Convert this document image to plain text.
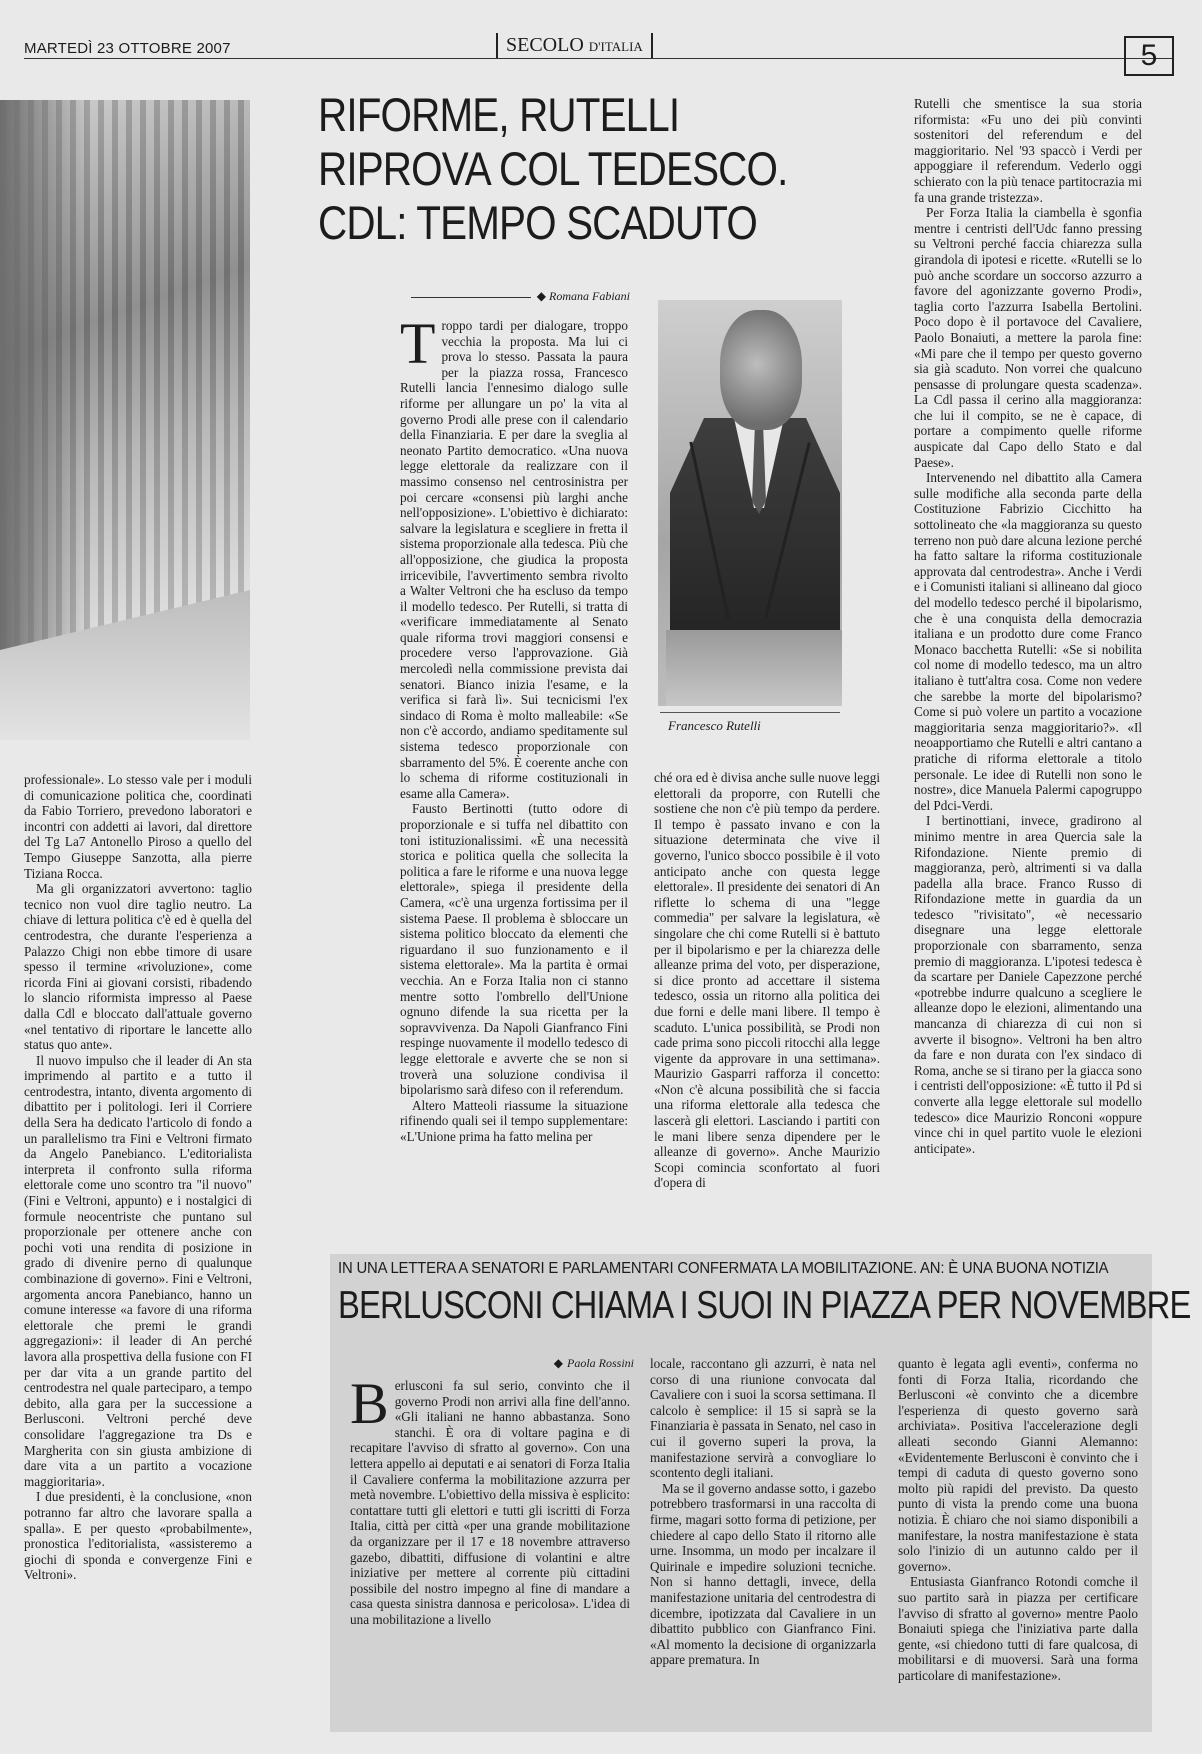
MARTEDÌ 23 OTTOBRE 2007	SECOLO D'ITALIA	5

professionale». Lo stesso vale per i moduli di comunicazione politica che, coordinati da Fabio Torriero, prevedono laboratori e incontri con addetti ai lavori, dal direttore del Tg La7 Antonello Piroso a quello del Tempo Giuseppe Sanzotta, alla pierre Tiziana Rocca.

Ma gli organizzatori avvertono: taglio tecnico non vuol dire taglio neutro. La chiave di lettura politica c'è ed è quella del centrodestra, che durante l'esperienza a Palazzo Chigi non ebbe timore di usare spesso il termine «rivoluzione», come ricorda Fini ai giovani corsisti, ribadendo lo slancio riformista impresso al Paese dalla Cdl e bloccato dall'attuale governo «nel tentativo di riportare le lancette allo status quo ante».

Il nuovo impulso che il leader di An sta imprimendo al partito e a tutto il centrodestra, intanto, diventa argomento di dibattito per i politologi. Ieri il Corriere della Sera ha dedicato l'articolo di fondo a un parallelismo tra Fini e Veltroni firmato da Angelo Panebianco. L'editorialista interpreta il confronto sulla riforma elettorale come uno scontro tra "il nuovo" (Fini e Veltroni, appunto) e i nostalgici di formule neocentriste che puntano sul proporzionale per ottenere anche con pochi voti una rendita di posizione in grado di divenire perno di qualunque combinazione di governo». Fini e Veltroni, argomenta ancora Panebianco, hanno un comune interesse «a favore di una riforma elettorale che premi le grandi aggregazioni»: il leader di An perché lavora alla prospettiva della fusione con FI per dar vita a un grande partito del centrodestra nel quale parteciparo, a tempo debito, alla gara per la successione a Berlusconi. Veltroni perché deve consolidare l'aggregazione tra Ds e Margherita con sin giusta ambizione di dare vita a un partito a vocazione maggioritaria».

I due presidenti, è la conclusione, «non potranno far altro che lavorare spalla a spalla». E per questo «probabilmente», pronostica l'editorialista, «assisteremo a giochi di sponda e convergenze Fini e Veltroni».

RIFORME, RUTELLI
RIPROVA COL TEDESCO.
CDL: TEMPO SCADUTO
◆ Romana Fabiani

Troppo tardi per dialogare, troppo vecchia la proposta. Ma lui ci prova lo stesso. Passata la paura per la piazza rossa, Francesco Rutelli lancia l'ennesimo dialogo sulle riforme per allungare un po' la vita al governo Prodi alle prese con il calendario della Finanziaria. E per dare la sveglia al neonato Partito democratico. «Una nuova legge elettorale da realizzare con il massimo consenso nel centrosinistra per poi cercare «consensi più larghi anche nell'opposizione». L'obiettivo è dichiarato: salvare la legislatura e scegliere in fretta il sistema proporzionale alla tedesca. Più che all'opposizione, che giudica la proposta irricevibile, l'avvertimento sembra rivolto a Walter Veltroni che ha escluso da tempo il modello tedesco. Per Rutelli, si tratta di «verificare immediatamente al Senato quale riforma trovi maggiori consensi e procedere verso l'approvazione. Già mercoledì nella commissione prevista dai senatori. Bianco inizia l'esame, e la verifica si farà lì». Sui tecnicismi l'ex sindaco di Roma è molto malleabile: «Se non c'è accordo, andiamo speditamente sul sistema tedesco proporzionale con sbarramento del 5%. È coerente anche con lo schema di riforme costituzionali in esame alla Camera».

Fausto Bertinotti (tutto odore di proporzionale e si tuffa nel dibattito con toni istituzionalissimi. «È una necessità storica e politica quella che sollecita la politica a fare le riforme e una nuova legge elettorale», spiega il presidente della Camera, «c'è una urgenza fortissima per il sistema Paese. Il problema è sbloccare un sistema politico bloccato da elementi che riguardano il suo funzionamento e il sistema elettorale». Ma la partita è ormai vecchia. An e Forza Italia non ci stanno mentre sotto l'ombrello dell'Unione ognuno difende la sua ricetta per la sopravvivenza. Da Napoli Gianfranco Fini respinge nuovamente il modello tedesco di legge elettorale e avverte che se non si troverà una soluzione condivisa il bipolarismo sarà difeso con il referendum.

Altero Matteoli riassume la situazione rifinendo quali sei il tempo supplementare: «L'Unione prima ha fatto melina per

Francesco Rutelli

ché ora ed è divisa anche sulle nuove leggi elettorali da proporre, con Rutelli che sostiene che non c'è più tempo da perdere. Il tempo è passato invano e con la situazione determinata che vive il governo, l'unico sbocco possibile è il voto anticipato anche con questa legge elettorale». Il presidente dei senatori di An riflette lo schema di una "legge commedia" per salvare la legislatura, «è singolare che chi come Rutelli si è battuto per il bipolarismo e per la chiarezza delle alleanze prima del voto, per disperazione, si dice pronto ad accettare il sistema tedesco, ossia un ritorno alla politica dei due forni e delle mani libere. Il tempo è scaduto. L'unica possibilità, se Prodi non cade prima sono piccoli ritocchi alla legge vigente da approvare in una settimana». Maurizio Gasparri rafforza il concetto: «Non c'è alcuna possibilità che si faccia una riforma elettorale alla tedesca che lascerà gli elettori. Lasciando i partiti con le mani libere senza dipendere per le alleanze di governo». Anche Maurizio Scopi comincia sconfortato al fuori d'opera di

Rutelli che smentisce la sua storia riformista: «Fu uno dei più convinti sostenitori del referendum e del maggioritario. Nel '93 spaccò i Verdi per appoggiare il referendum. Vederlo oggi schierato con la più tenace partitocrazia mi fa una grande tristezza».

Per Forza Italia la ciambella è sgonfia mentre i centristi dell'Udc fanno pressing su Veltroni perché faccia chiarezza sulla girandola di ipotesi e ricette. «Rutelli se lo può anche scordare un soccorso azzurro a favore del agonizzante governo Prodi», taglia corto l'azzurra Isabella Bertolini. Poco dopo è il portavoce del Cavaliere, Paolo Bonaiuti, a mettere la parola fine: «Mi pare che il tempo per questo governo sia già scaduto. Non vorrei che qualcuno pensasse di prolungare questa scadenza». La Cdl passa il cerino alla maggioranza: che lui il compito, se ne è capace, di portare a compimento quelle riforme auspicate dal Capo dello Stato e dal Paese».

Intervenendo nel dibattito alla Camera sulle modifiche alla seconda parte della Costituzione Fabrizio Cicchitto ha sottolineato che «la maggioranza su questo terreno non può dare alcuna lezione perché ha fatto saltare la riforma costituzionale approvata dal centrodestra». Anche i Verdi e i Comunisti italiani si allineano dal gioco del modello tedesco perché il bipolarismo, che è una conquista della democrazia italiana e un prodotto dure come Franco Monaco bacchetta Rutelli: «Se si nobilita col nome di modello tedesco, ma un altro italiano è tutt'altra cosa. Come non vedere che sarebbe la morte del bipolarismo? Come si può volere un partito a vocazione maggioritaria senza maggioritario?». «Il neoapportiamo che Rutelli e altri cantano a pratiche di riforma elettorale a titolo personale. Le idee di Rutelli non sono le nostre», dice Manuela Palermi capogruppo del Pdci-Verdi.

I bertinottiani, invece, gradirono al minimo mentre in area Quercia sale la Rifondazione. Niente premio di maggioranza, però, altrimenti si va dalla padella alla brace. Franco Russo di Rifondazione mette in guardia da un tedesco "rivisitato", «è necessario disegnare una legge elettorale proporzionale con sbarramento, senza premio di maggioranza. L'ipotesi tedesca è da scartare per Daniele Capezzone perché «potrebbe indurre qualcuno a scegliere le alleanze dopo le elezioni, alimentando una mancanza di chiarezza di cui non si avverte il bisogno». Veltroni ha ben altro da fare e non durata con l'ex sindaco di Roma, anche se si tirano per la giacca sono i centristi dell'opposizione: «È tutto il Pd si converte alla legge elettorale sul modello tedesco» dice Maurizio Ronconi «oppure vince chi in quel partito vuole le elezioni anticipate».

IN UNA LETTERA A SENATORI E PARLAMENTARI CONFERMATA LA MOBILITAZIONE. AN: È UNA BUONA NOTIZIA
BERLUSCONI CHIAMA I SUOI IN PIAZZA PER NOVEMBRE
◆ Paola Rossini

Berlusconi fa sul serio, convinto che il governo Prodi non arrivi alla fine dell'anno. «Gli italiani ne hanno abbastanza. Sono stanchi. È ora di voltare pagina e di recapitare l'avviso di sfratto al governo». Con una lettera appello ai deputati e ai senatori di Forza Italia il Cavaliere conferma la mobilitazione azzurra per metà novembre. L'obiettivo della missiva è esplicito: contattare tutti gli elettori e tutti gli iscritti di Forza Italia, città per città «per una grande mobilitazione da organizzare per il 17 e 18 novembre attraverso gazebo, dibattiti, diffusione di volantini e altre iniziative per mettere al corrente più cittadini possibile del nostro impegno al fine di mandare a casa questa sinistra dannosa e pericolosa». L'idea di una mobilitazione a livello

locale, raccontano gli azzurri, è nata nel corso di una riunione convocata dal Cavaliere con i suoi la scorsa settimana. Il calcolo è semplice: il 15 si saprà se la Finanziaria è passata in Senato, nel caso in cui il governo superi la prova, la manifestazione servirà a convogliare lo scontento degli italiani.

Ma se il governo andasse sotto, i gazebo potrebbero trasformarsi in una raccolta di firme, magari sotto forma di petizione, per chiedere al capo dello Stato il ritorno alle urne. Insomma, un modo per incalzare il Quirinale e impedire soluzioni tecniche. Non si hanno dettagli, invece, della manifestazione unitaria del centrodestra di dicembre, ipotizzata dal Cavaliere in un dibattito pubblico con Gianfranco Fini. «Al momento la decisione di organizzarla appare prematura. In

quanto è legata agli eventi», conferma no fonti di Forza Italia, ricordando che Berlusconi «è convinto che a dicembre l'esperienza di questo governo sarà archiviata». Positiva l'accelerazione degli alleati secondo Gianni Alemanno: «Evidentemente Berlusconi è convinto che i tempi di caduta di questo governo sono molto più rapidi del previsto. Da questo punto di vista la prendo come una buona notizia. È chiaro che noi siamo disponibili a manifestare, la nostra manifestazione è stata solo l'inizio di un autunno caldo per il governo».

Entusiasta Gianfranco Rotondi comche il suo partito sarà in piazza per certificare l'avviso di sfratto al governo» mentre Paolo Bonaiuti spiega che l'iniziativa parte dalla gente, «si chiedono tutti di fare qualcosa, di mobilitarsi e di muoversi. Sarà una forma particolare di manifestazione».
